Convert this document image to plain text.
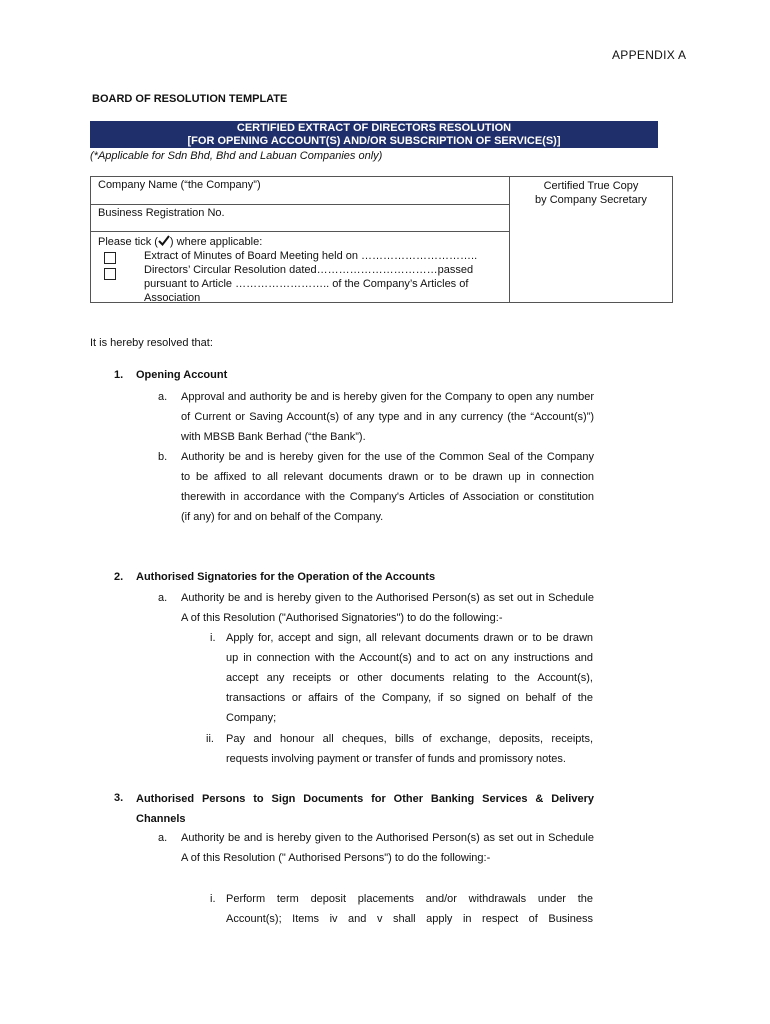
APPENDIX A
BOARD OF RESOLUTION TEMPLATE
CERTIFIED EXTRACT OF DIRECTORS RESOLUTION
[FOR OPENING ACCOUNT(S) AND/OR SUBSCRIPTION OF SERVICE(S)]
(*Applicable for Sdn Bhd, Bhd and Labuan Companies only)
Company Name (“the Company”)
Business Registration No.
Please tick ( ) where applicable:
Extract of Minutes of Board Meeting held on …………………………..
Directors’ Circular Resolution dated……………………………passed
pursuant to Article …………………….. of the Company’s Articles of
Association
Certified True Copy
by Company Secretary
It is hereby resolved that:
1. Opening Account
a. Approval and authority be and is hereby given for the Company to open any number
of Current or Saving Account(s) of any type and in any currency (the “Account(s)”)
with MBSB Bank Berhad (“the Bank”).
b. Authority be and is hereby given for the use of the Common Seal of the Company
to be affixed to all relevant documents drawn or to be drawn up in connection
therewith in accordance with the Company's Articles of Association or constitution
(if any) for and on behalf of the Company.
2. Authorised Signatories for the Operation of the Accounts
a. Authority be and is hereby given to the Authorised Person(s) as set out in Schedule
A of this Resolution ("Authorised Signatories") to do the following:-
i. Apply for, accept and sign, all relevant documents drawn or to be drawn
up in connection with the Account(s) and to act on any instructions and
accept any receipts or other documents relating to the Account(s),
transactions or affairs of the Company, if so signed on behalf of the
Company;
ii. Pay and honour all cheques, bills of exchange, deposits, receipts,
requests involving payment or transfer of funds and promissory notes.
3. Authorised Persons to Sign Documents for Other Banking Services & Delivery
Channels
a. Authority be and is hereby given to the Authorised Person(s) as set out in Schedule
A of this Resolution (" Authorised Persons") to do the following:-
i. Perform term deposit placements and/or withdrawals under the
Account(s); Items iv and v shall apply in respect of Business
